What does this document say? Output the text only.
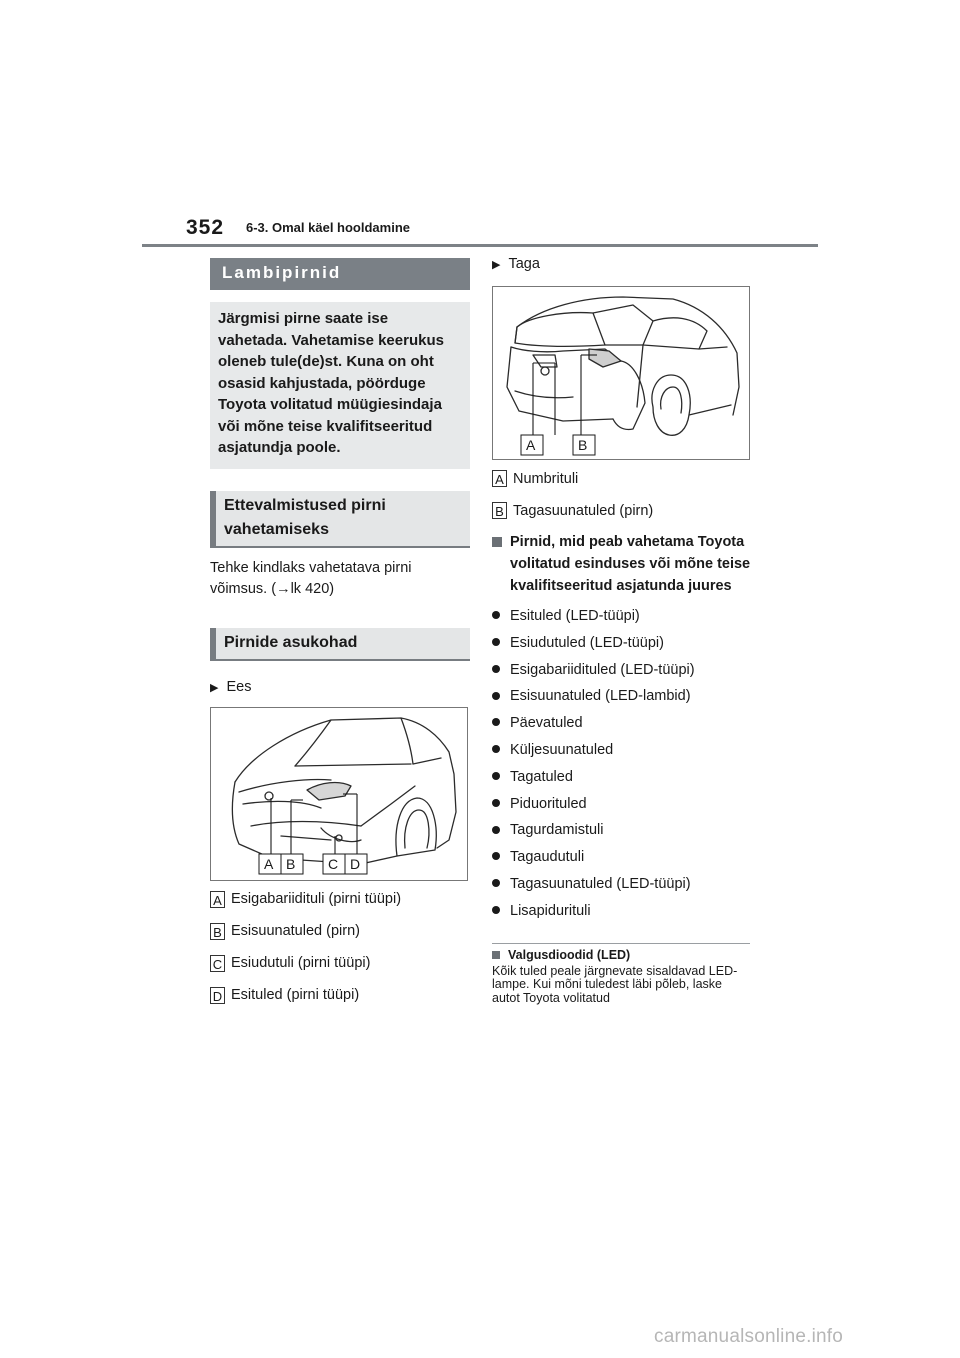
352 6-3. Omal käel hooldamine
Lambipirnid
Järgmisi pirne saate ise vahetada. Vahetamise keerukus oleneb tule(de)st. Kuna on oht osasid kahjustada, pöörduge Toyota volitatud müügiesindaja või mõne teise kvalifitseeritud asjatundja poole.
Ettevalmistused pirni vahetamiseks
Tehke kindlaks vahetatava pirni võimsus. (→lk 420)
Pirnide asukohad
▶ Ees
A B C D
A Esigabariidituli (pirni tüüpi)
B Esisuunatuled (pirn)
C Esiudutuli (pirni tüüpi)
D Esituled (pirni tüüpi)
▶ Taga
A	B
A Numbrituli
B Tagasuunatuled (pirn)
Pirnid, mid peab vahetama Toyota volitatud esinduses või mõne teise kvalifitseeritud asjatunda juures
Esituled (LED-tüüpi)
Esiudutuled (LED-tüüpi)
Esigabariidituled (LED-tüüpi)
Esisuunatuled (LED-lambid)
Päevatuled
Küljesuunatuled
Tagatuled
Piduorituled
Tagurdamistuli
Tagaudutuli
Tagasuunatuled (LED-tüüpi)
Lisapidurituli
Valgusdioodid (LED)
Kõik tuled peale järgnevate sisaldavad LED-lampe. Kui mõni tuledest läbi põleb, laske autot Toyota volitatud
carmanualsonline.info
